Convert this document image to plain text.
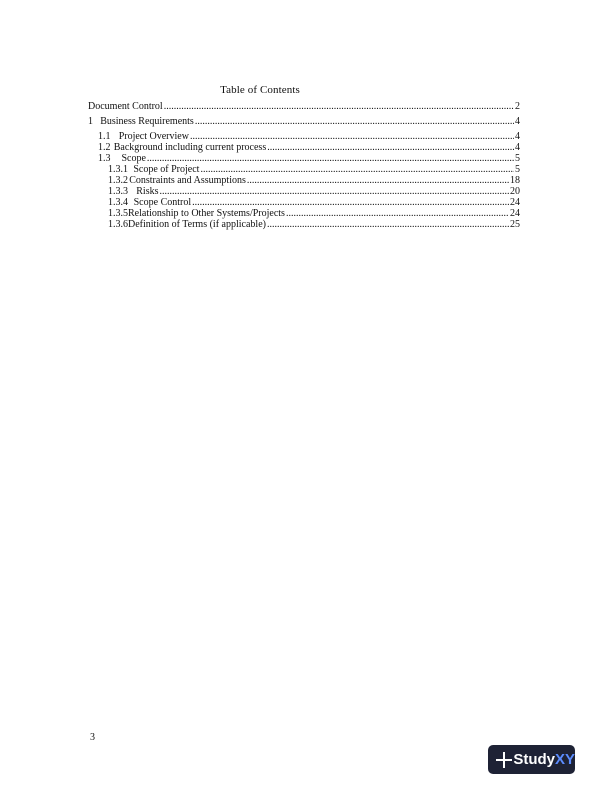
Table of Contents
Document Control .....	2
1 Business Requirements .....	4
1.1 Project Overview .....	4
1.2 Background including current process .....	4
1.3	Scope .....	5
1.3.1 Scope of Project .....	5
1.3.2 Constraints and Assumptions .....	18
1.3.3 Risks .....	20
1.3.4 Scope Control .....	24
1.3.5 Relationship to Other Systems/Projects .....	24
1.3.6 Definition of Terms (if applicable) .....	25
3
Study XY
